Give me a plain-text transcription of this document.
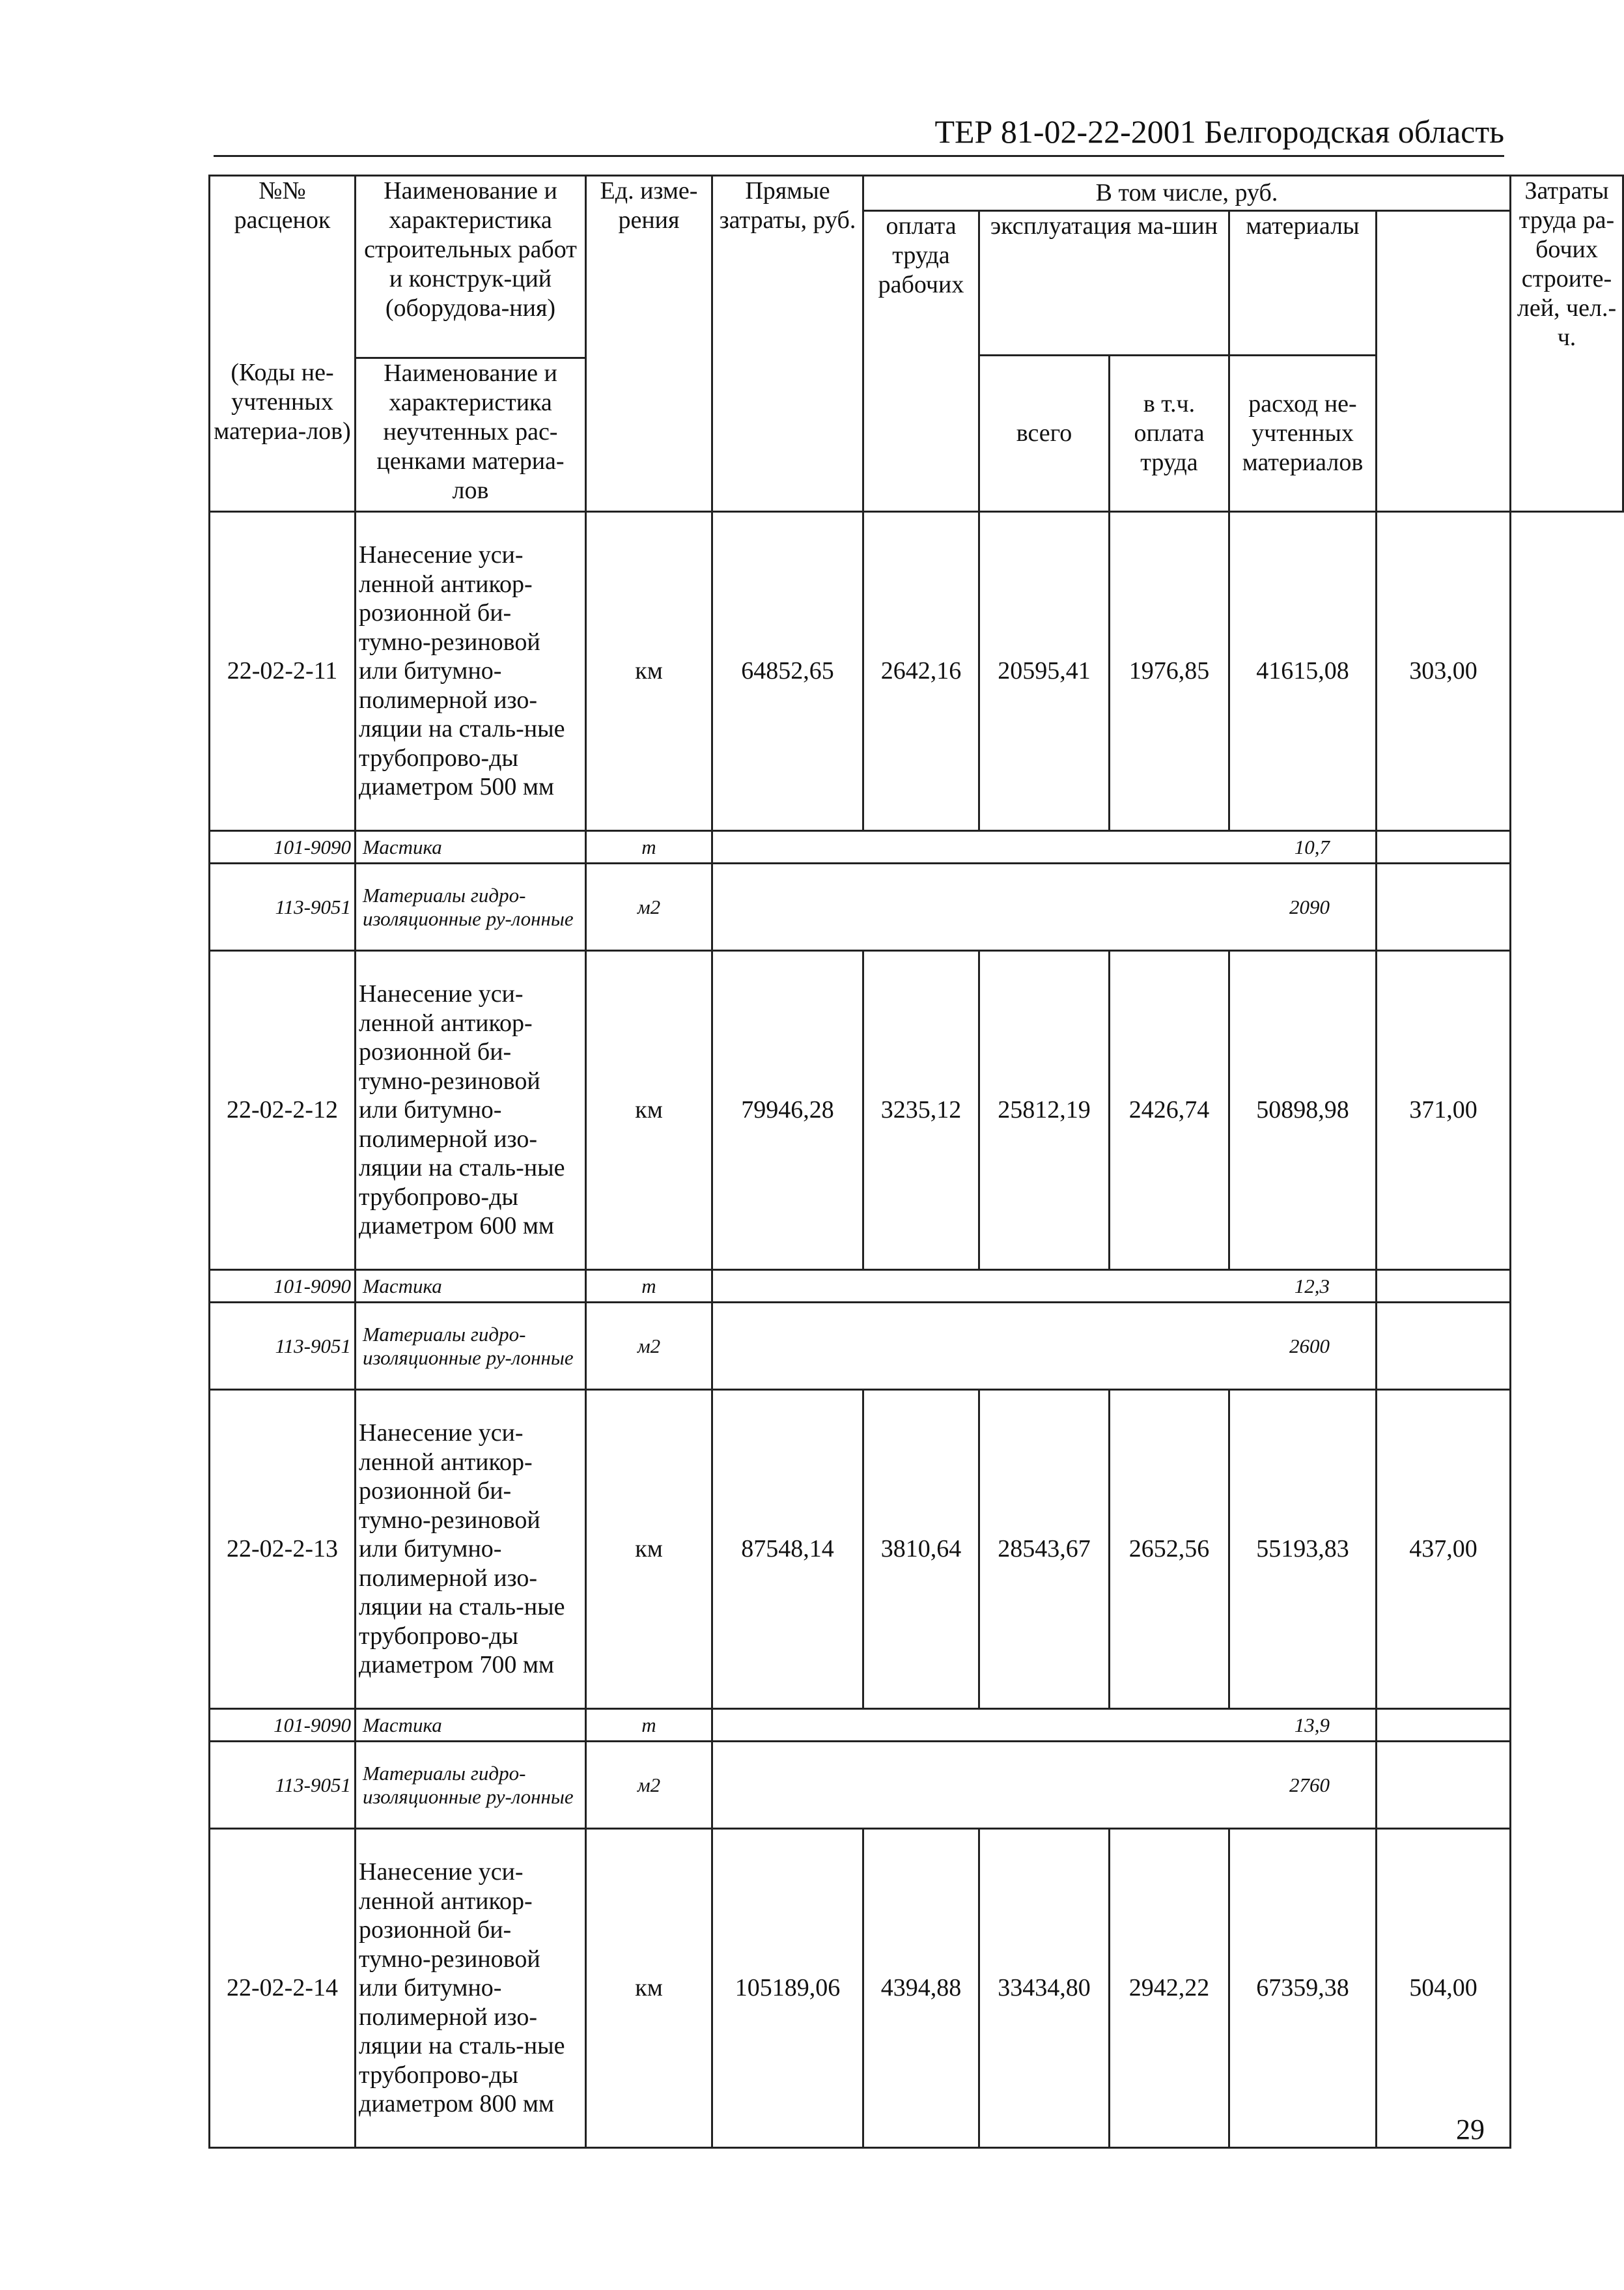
ТЕР 81-02-22-2001 Белгородская область
№№ расценок	Наименование и характеристика строительных работ и конструк-ций (оборудова-ния)	Ед. изме-рения	Прямые затраты, руб.	В том числе, руб.					Затраты труда ра-бочих строите-лей, чел.-ч.
				оплата труда рабочих	эксплуатация ма-шин		материалы		
					всего	в т.ч. оплата труда	расход не-учтенных материалов		
(Коды не-учтенных материа-лов)	Наименование и характеристика неучтенных рас-ценками материа-лов								
22-02-2-11	Нанесение уси-ленной антикор-розионной би-тумно-резиновой или битумно-полимерной изо-ляции на сталь-ные трубопрово-ды диаметром 500 мм	км	64852,65	2642,16	20595,41	1976,85	41615,08	303,00	
101-9090	Мастика	т					10,7		
113-9051	Материалы гидро-изоляционные ру-лонные	м2					2090		
22-02-2-12	Нанесение уси-ленной антикор-розионной би-тумно-резиновой или битумно-полимерной изо-ляции на сталь-ные трубопрово-ды диаметром 600 мм	км	79946,28	3235,12	25812,19	2426,74	50898,98	371,00	
101-9090	Мастика	т					12,3		
113-9051	Материалы гидро-изоляционные ру-лонные	м2					2600		
22-02-2-13	Нанесение уси-ленной антикор-розионной би-тумно-резиновой или битумно-полимерной изо-ляции на сталь-ные трубопрово-ды диаметром 700 мм	км	87548,14	3810,64	28543,67	2652,56	55193,83	437,00	
101-9090	Мастика	т					13,9		
113-9051	Материалы гидро-изоляционные ру-лонные	м2					2760		
22-02-2-14	Нанесение уси-ленной антикор-розионной би-тумно-резиновой или битумно-полимерной изо-ляции на сталь-ные трубопрово-ды диаметром 800 мм	км	105189,06	4394,88	33434,80	2942,22	67359,38	504,00	
29
